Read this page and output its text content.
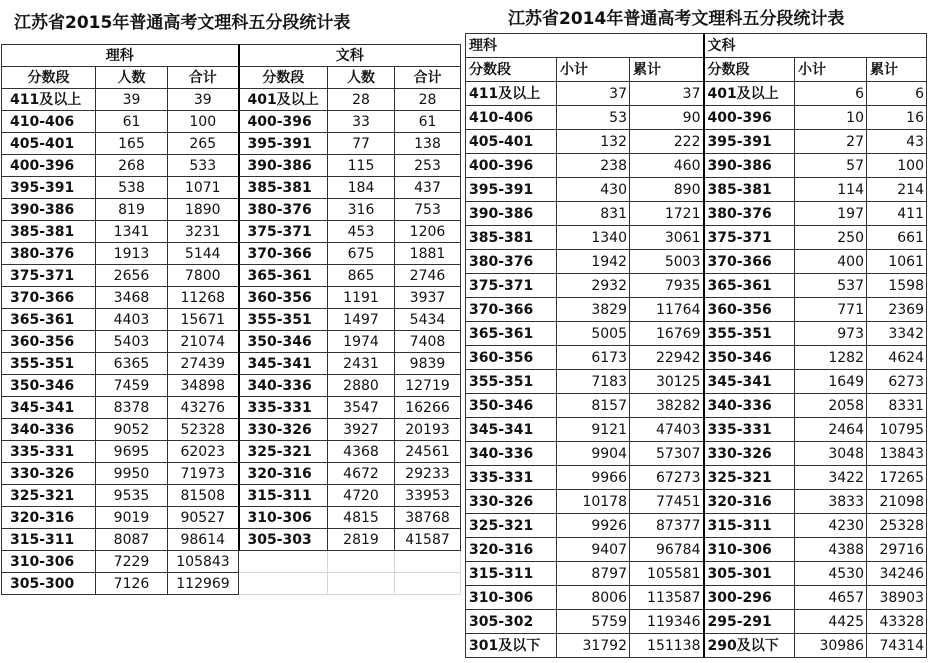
江苏省2015年普通高考文理科五分段统计表	江苏省2014年普通高考文理科五分段统计表
理科			文科		
分数段	人数	合计	分数段	人数	合计
411及以上	39	39	401及以上	28	28
410-406	61	100	400-396	33	61
405-401	165	265	395-391	77	138
400-396	268	533	390-386	115	253
395-391	538	1071	385-381	184	437
390-386	819	1890	380-376	316	753
385-381	1341	3231	375-371	453	1206
380-376	1913	5144	370-366	675	1881
375-371	2656	7800	365-361	865	2746
370-366	3468	11268	360-356	1191	3937
365-361	4403	15671	355-351	1497	5434
360-356	5403	21074	350-346	1974	7408
355-351	6365	27439	345-341	2431	9839
350-346	7459	34898	340-336	2880	12719
345-341	8378	43276	335-331	3547	16266
340-336	9052	52328	330-326	3927	20193
335-331	9695	62023	325-321	4368	24561
330-326	9950	71973	320-316	4672	29233
325-321	9535	81508	315-311	4720	33953
320-316	9019	90527	310-306	4815	38768
315-311	8087	98614	305-303	2819	41587
310-306	7229	105843			
305-300	7126	112969			
理科			文科		
分数段	小计	累计	分数段	小计	累计
411及以上	37	37	401及以上	6	6
410-406	53	90	400-396	10	16
405-401	132	222	395-391	27	43
400-396	238	460	390-386	57	100
395-391	430	890	385-381	114	214
390-386	831	1721	380-376	197	411
385-381	1340	3061	375-371	250	661
380-376	1942	5003	370-366	400	1061
375-371	2932	7935	365-361	537	1598
370-366	3829	11764	360-356	771	2369
365-361	5005	16769	355-351	973	3342
360-356	6173	22942	350-346	1282	4624
355-351	7183	30125	345-341	1649	6273
350-346	8157	38282	340-336	2058	8331
345-341	9121	47403	335-331	2464	10795
340-336	9904	57307	330-326	3048	13843
335-331	9966	67273	325-321	3422	17265
330-326	10178	77451	320-316	3833	21098
325-321	9926	87377	315-311	4230	25328
320-316	9407	96784	310-306	4388	29716
315-311	8797	105581	305-301	4530	34246
310-306	8006	113587	300-296	4657	38903
305-302	5759	119346	295-291	4425	43328
301及以下	31792	151138	290及以下	30986	74314
